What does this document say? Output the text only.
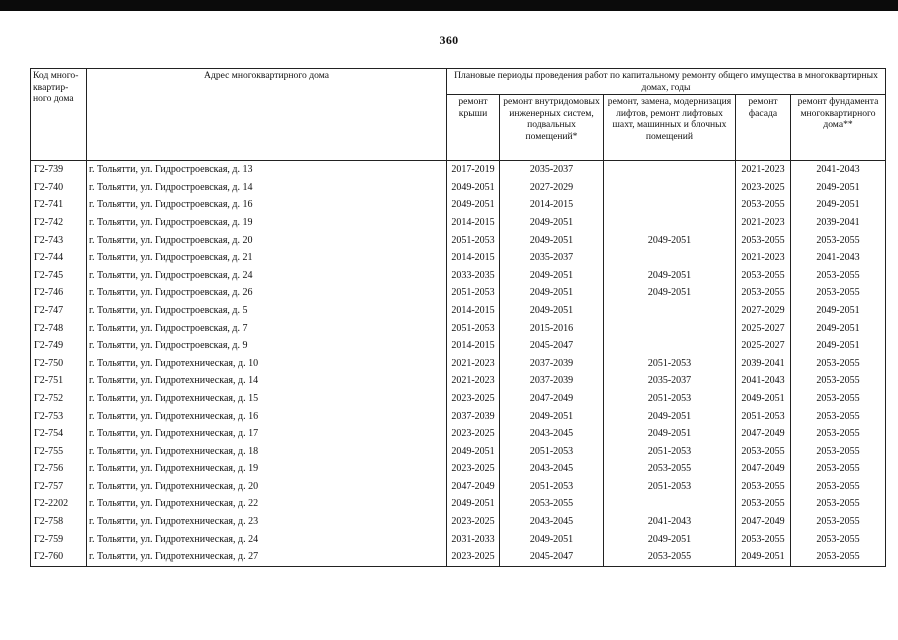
360
Код много-квартир-ного дома	Адрес многоквартирного дома	Плановые периоды проведения работ по капитальному ремонту общего имущества в многоквартирных домах, годы				
		ремонт крыши	ремонт внутридомовых инженерных систем, подвальных помещений*	ремонт, замена, модернизация лифтов, ремонт лифтовых шахт, машинных и блочных помещений	ремонт фасада	ремонт фундамента многоквартирного дома**
Г2-739	г. Тольятти, ул. Гидростроевская, д. 13	2017-2019	2035-2037		2021-2023	2041-2043
Г2-740	г. Тольятти, ул. Гидростроевская, д. 14	2049-2051	2027-2029		2023-2025	2049-2051
Г2-741	г. Тольятти, ул. Гидростроевская, д. 16	2049-2051	2014-2015		2053-2055	2049-2051
Г2-742	г. Тольятти, ул. Гидростроевская, д. 19	2014-2015	2049-2051		2021-2023	2039-2041
Г2-743	г. Тольятти, ул. Гидростроевская, д. 20	2051-2053	2049-2051	2049-2051	2053-2055	2053-2055
Г2-744	г. Тольятти, ул. Гидростроевская, д. 21	2014-2015	2035-2037		2021-2023	2041-2043
Г2-745	г. Тольятти, ул. Гидростроевская, д. 24	2033-2035	2049-2051	2049-2051	2053-2055	2053-2055
Г2-746	г. Тольятти, ул. Гидростроевская, д. 26	2051-2053	2049-2051	2049-2051	2053-2055	2053-2055
Г2-747	г. Тольятти, ул. Гидростроевская, д. 5	2014-2015	2049-2051		2027-2029	2049-2051
Г2-748	г. Тольятти, ул. Гидростроевская, д. 7	2051-2053	2015-2016		2025-2027	2049-2051
Г2-749	г. Тольятти, ул. Гидростроевская, д. 9	2014-2015	2045-2047		2025-2027	2049-2051
Г2-750	г. Тольятти, ул. Гидротехническая, д. 10	2021-2023	2037-2039	2051-2053	2039-2041	2053-2055
Г2-751	г. Тольятти, ул. Гидротехническая, д. 14	2021-2023	2037-2039	2035-2037	2041-2043	2053-2055
Г2-752	г. Тольятти, ул. Гидротехническая, д. 15	2023-2025	2047-2049	2051-2053	2049-2051	2053-2055
Г2-753	г. Тольятти, ул. Гидротехническая, д. 16	2037-2039	2049-2051	2049-2051	2051-2053	2053-2055
Г2-754	г. Тольятти, ул. Гидротехническая, д. 17	2023-2025	2043-2045	2049-2051	2047-2049	2053-2055
Г2-755	г. Тольятти, ул. Гидротехническая, д. 18	2049-2051	2051-2053	2051-2053	2053-2055	2053-2055
Г2-756	г. Тольятти, ул. Гидротехническая, д. 19	2023-2025	2043-2045	2053-2055	2047-2049	2053-2055
Г2-757	г. Тольятти, ул. Гидротехническая, д. 20	2047-2049	2051-2053	2051-2053	2053-2055	2053-2055
Г2-2202	г. Тольятти, ул. Гидротехническая, д. 22	2049-2051	2053-2055		2053-2055	2053-2055
Г2-758	г. Тольятти, ул. Гидротехническая, д. 23	2023-2025	2043-2045	2041-2043	2047-2049	2053-2055
Г2-759	г. Тольятти, ул. Гидротехническая, д. 24	2031-2033	2049-2051	2049-2051	2053-2055	2053-2055
Г2-760	г. Тольятти, ул. Гидротехническая, д. 27	2023-2025	2045-2047	2053-2055	2049-2051	2053-2055
